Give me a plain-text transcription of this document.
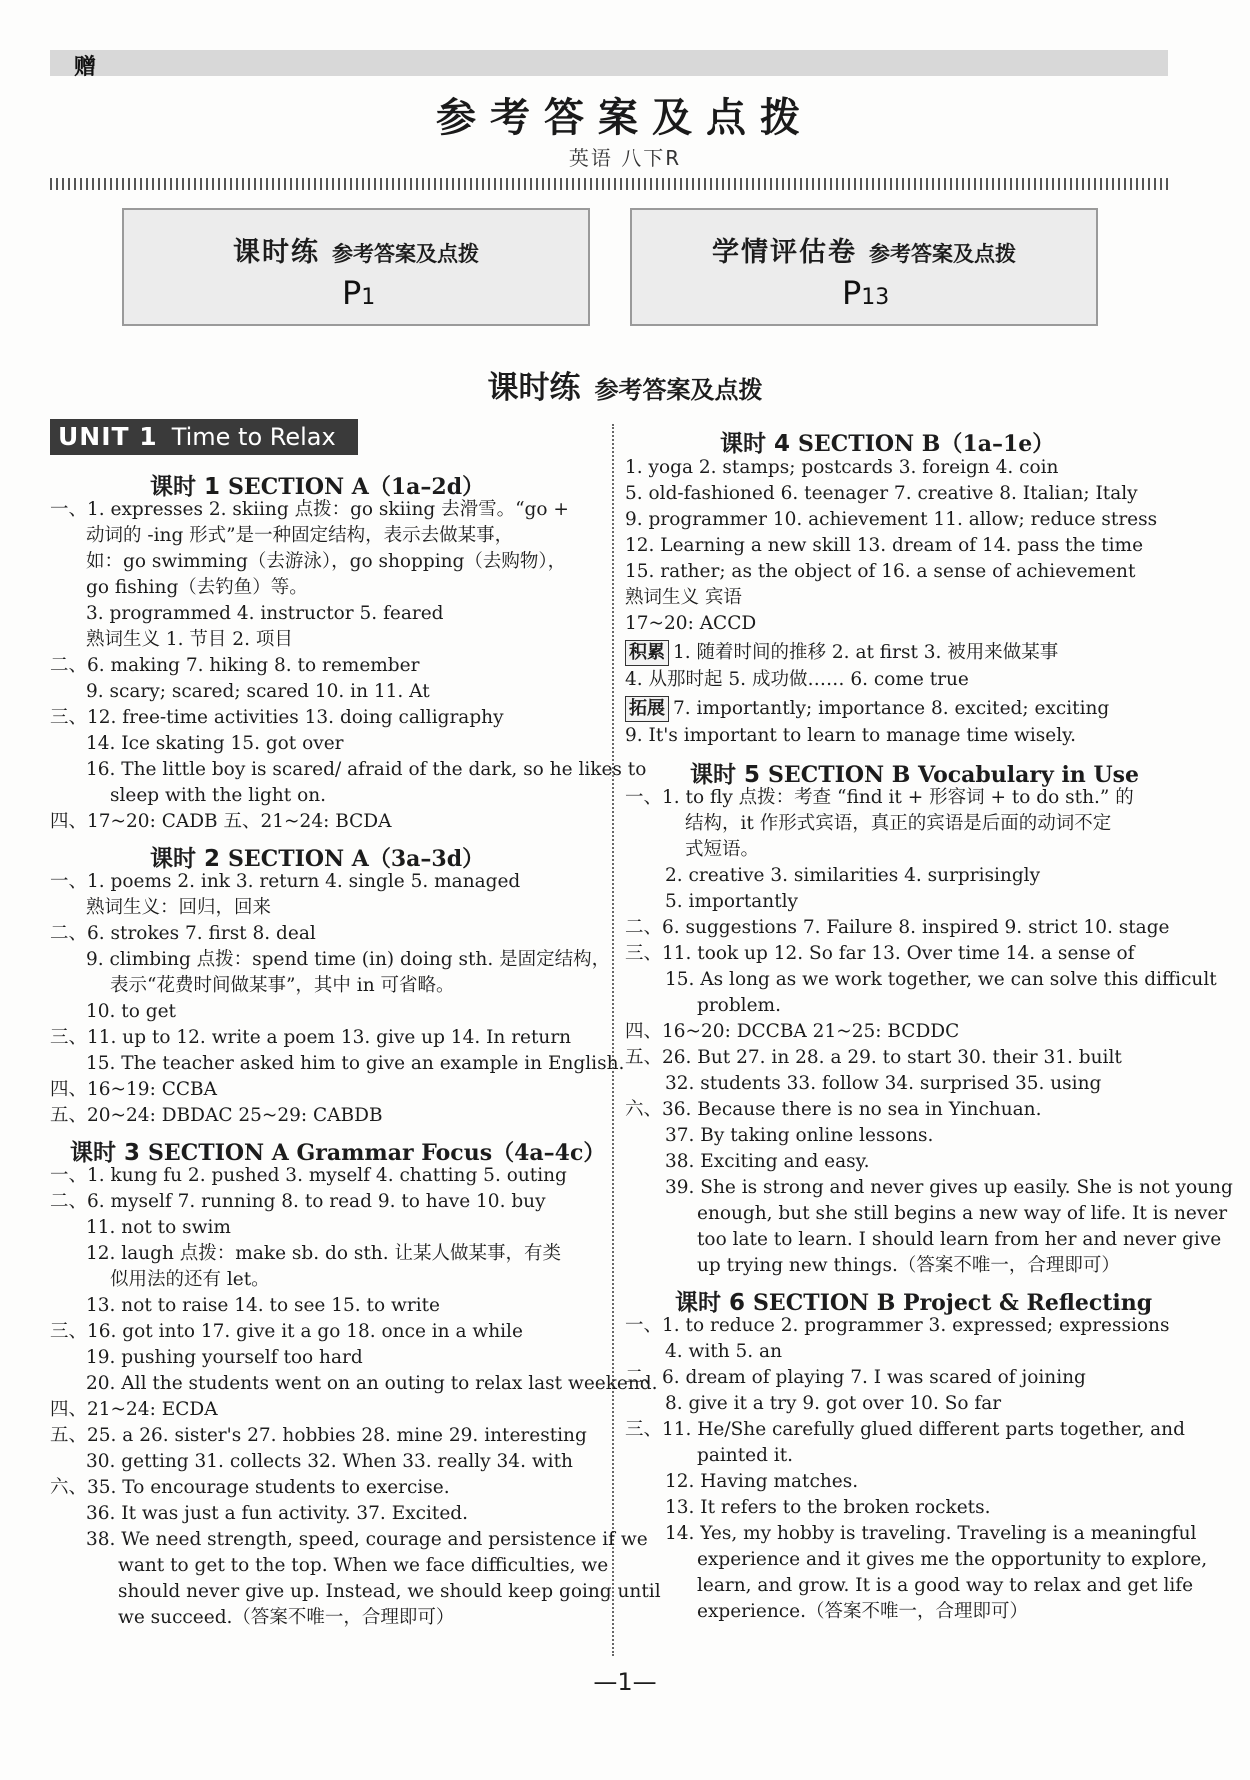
赠
参考答案及点拨
英语 八下R
课时练 参考答案及点拨
P1
学情评估卷 参考答案及点拨
P13
课时练 参考答案及点拨
UNIT 1 Time to Relax
课时 1 SECTION A（1a–2d）
一、1. expresses 2. skiing 点拨：go skiing 去滑雪。“go +
动词的 -ing 形式”是一种固定结构，表示去做某事，
如：go swimming（去游泳），go shopping（去购物），
go fishing（去钓鱼）等。
3. programmed 4. instructor 5. feared
熟词生义 1. 节目 2. 项目
二、6. making 7. hiking 8. to remember
9. scary; scared; scared 10. in 11. At
三、12. free-time activities 13. doing calligraphy
14. Ice skating 15. got over
16. The little boy is scared/ afraid of the dark, so he likes to
sleep with the light on.
四、17~20: CADB 五、21~24: BCDA
课时 2 SECTION A（3a–3d）
一、1. poems 2. ink 3. return 4. single 5. managed
熟词生义：回归，回来
二、6. strokes 7. first 8. deal
9. climbing 点拨：spend time (in) doing sth. 是固定结构，
表示“花费时间做某事”，其中 in 可省略。
10. to get
三、11. up to 12. write a poem 13. give up 14. In return
15. The teacher asked him to give an example in English.
四、16~19: CCBA
五、20~24: DBDAC 25~29: CABDB
课时 3 SECTION A Grammar Focus（4a–4c）
一、1. kung fu 2. pushed 3. myself 4. chatting 5. outing
二、6. myself 7. running 8. to read 9. to have 10. buy
11. not to swim
12. laugh 点拨：make sb. do sth. 让某人做某事，有类
似用法的还有 let。
13. not to raise 14. to see 15. to write
三、16. got into 17. give it a go 18. once in a while
19. pushing yourself too hard
20. All the students went on an outing to relax last weekend.
四、21~24: ECDA
五、25. a 26. sister's 27. hobbies 28. mine 29. interesting
30. getting 31. collects 32. When 33. really 34. with
六、35. To encourage students to exercise.
36. It was just a fun activity. 37. Excited.
38. We need strength, speed, courage and persistence if we
want to get to the top. When we face difficulties, we
should never give up. Instead, we should keep going until
we succeed.（答案不唯一，合理即可）
课时 4 SECTION B（1a–1e）
1. yoga 2. stamps; postcards 3. foreign 4. coin
5. old-fashioned 6. teenager 7. creative 8. Italian; Italy
9. programmer 10. achievement 11. allow; reduce stress
12. Learning a new skill 13. dream of 14. pass the time
15. rather; as the object of 16. a sense of achievement
熟词生义 宾语
17~20: ACCD
积累 1. 随着时间的推移 2. at first 3. 被用来做某事
4. 从那时起 5. 成功做…… 6. come true
拓展 7. importantly; importance 8. excited; exciting
9. It's important to learn to manage time wisely.
课时 5 SECTION B Vocabulary in Use
一、1. to fly 点拨：考查 “find it + 形容词 + to do sth.” 的
结构，it 作形式宾语，真正的宾语是后面的动词不定
式短语。
2. creative 3. similarities 4. surprisingly
5. importantly
二、6. suggestions 7. Failure 8. inspired 9. strict 10. stage
三、11. took up 12. So far 13. Over time 14. a sense of
15. As long as we work together, we can solve this difficult
problem.
四、16~20: DCCBA 21~25: BCDDC
五、26. But 27. in 28. a 29. to start 30. their 31. built
32. students 33. follow 34. surprised 35. using
六、36. Because there is no sea in Yinchuan.
37. By taking online lessons.
38. Exciting and easy.
39. She is strong and never gives up easily. She is not young
enough, but she still begins a new way of life. It is never
too late to learn. I should learn from her and never give
up trying new things.（答案不唯一，合理即可）
课时 6 SECTION B Project & Reflecting
一、1. to reduce 2. programmer 3. expressed; expressions
4. with 5. an
二、6. dream of playing 7. I was scared of joining
8. give it a try 9. got over 10. So far
三、11. He/She carefully glued different parts together, and
painted it.
12. Having matches.
13. It refers to the broken rockets.
14. Yes, my hobby is traveling. Traveling is a meaningful
experience and it gives me the opportunity to explore,
learn, and grow. It is a good way to relax and get life
experience.（答案不唯一，合理即可）
—1—
